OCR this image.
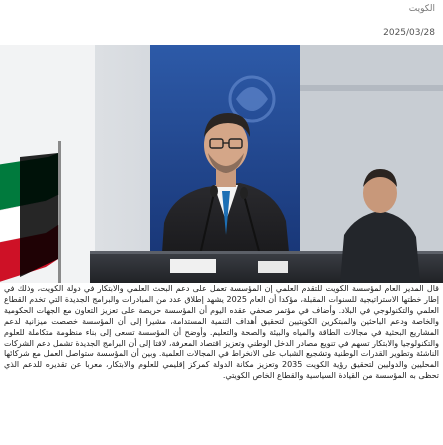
الكويت
2025/03/28

قال المدير العام لمؤسسة الكويت للتقدم العلمي إن المؤسسة تعمل على دعم البحث العلمي والابتكار في دولة الكويت، وذلك في إطار خطتها الاستراتيجية للسنوات المقبلة، مؤكدا أن العام 2025 يشهد إطلاق عدد من المبادرات والبرامج الجديدة التي تخدم القطاع العلمي والتكنولوجي في البلاد. وأضاف في مؤتمر صحفي عقده اليوم أن المؤسسة حريصة على تعزيز التعاون مع الجهات الحكومية والخاصة ودعم الباحثين والمبتكرين الكويتيين لتحقيق أهداف التنمية المستدامة، مشيرا إلى أن المؤسسة خصصت ميزانية لدعم المشاريع البحثية في مجالات الطاقة والمياه والبيئة والصحة والتعليم. وأوضح أن المؤسسة تسعى إلى بناء منظومة متكاملة للعلوم والتكنولوجيا والابتكار تسهم في تنويع مصادر الدخل الوطني وتعزيز اقتصاد المعرفة، لافتا إلى أن البرامج الجديدة تشمل دعم الشركات الناشئة وتطوير القدرات الوطنية وتشجيع الشباب على الانخراط في المجالات العلمية. وبين أن المؤسسة ستواصل العمل مع شركائها المحليين والدوليين لتحقيق رؤية الكويت 2035 وتعزيز مكانة الدولة كمركز إقليمي للعلوم والابتكار، معربا عن تقديره للدعم الذي تحظى به المؤسسة من القيادة السياسية والقطاع الخاص الكويتي.
